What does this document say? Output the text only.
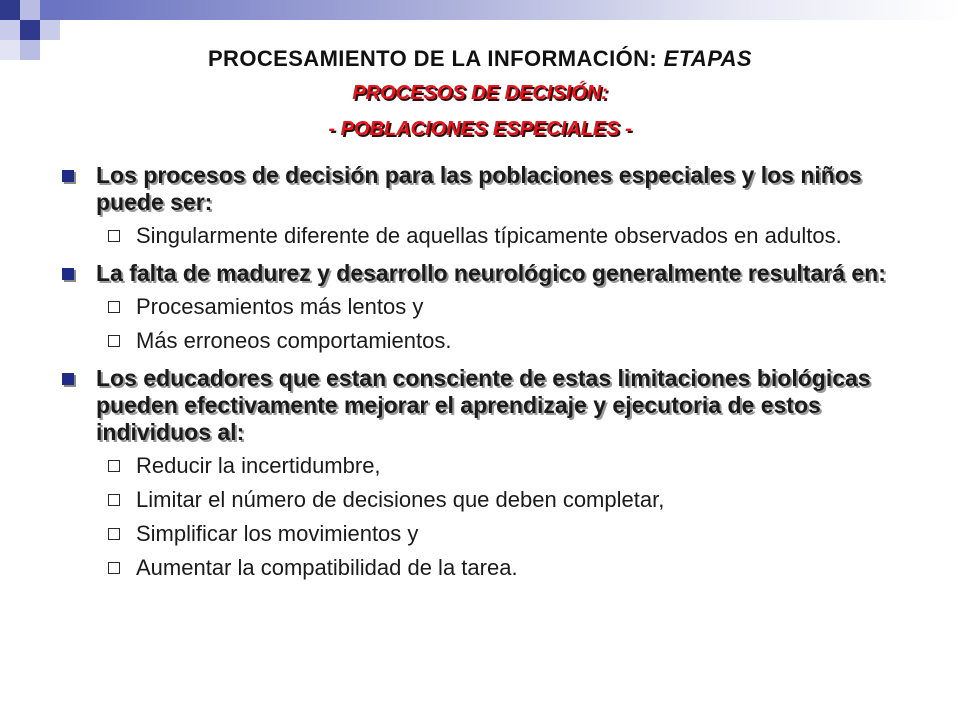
PROCESAMIENTO DE LA INFORMACIÓN: ETAPAS
PROCESOS DE DECISIÓN:
- POBLACIONES ESPECIALES -
Los procesos de decisión para las poblaciones especiales y los niños puede ser:
Singularmente diferente de aquellas típicamente observados en adultos.
La falta de madurez y desarrollo neurológico generalmente resultará en:
Procesamientos más lentos y
Más erroneos comportamientos.
Los educadores que estan consciente de estas limitaciones biológicas pueden efectivamente mejorar el aprendizaje y ejecutoria de estos individuos al:
Reducir la incertidumbre,
Limitar el número de decisiones que deben completar,
Simplificar los movimientos y
Aumentar la compatibilidad de la tarea.
